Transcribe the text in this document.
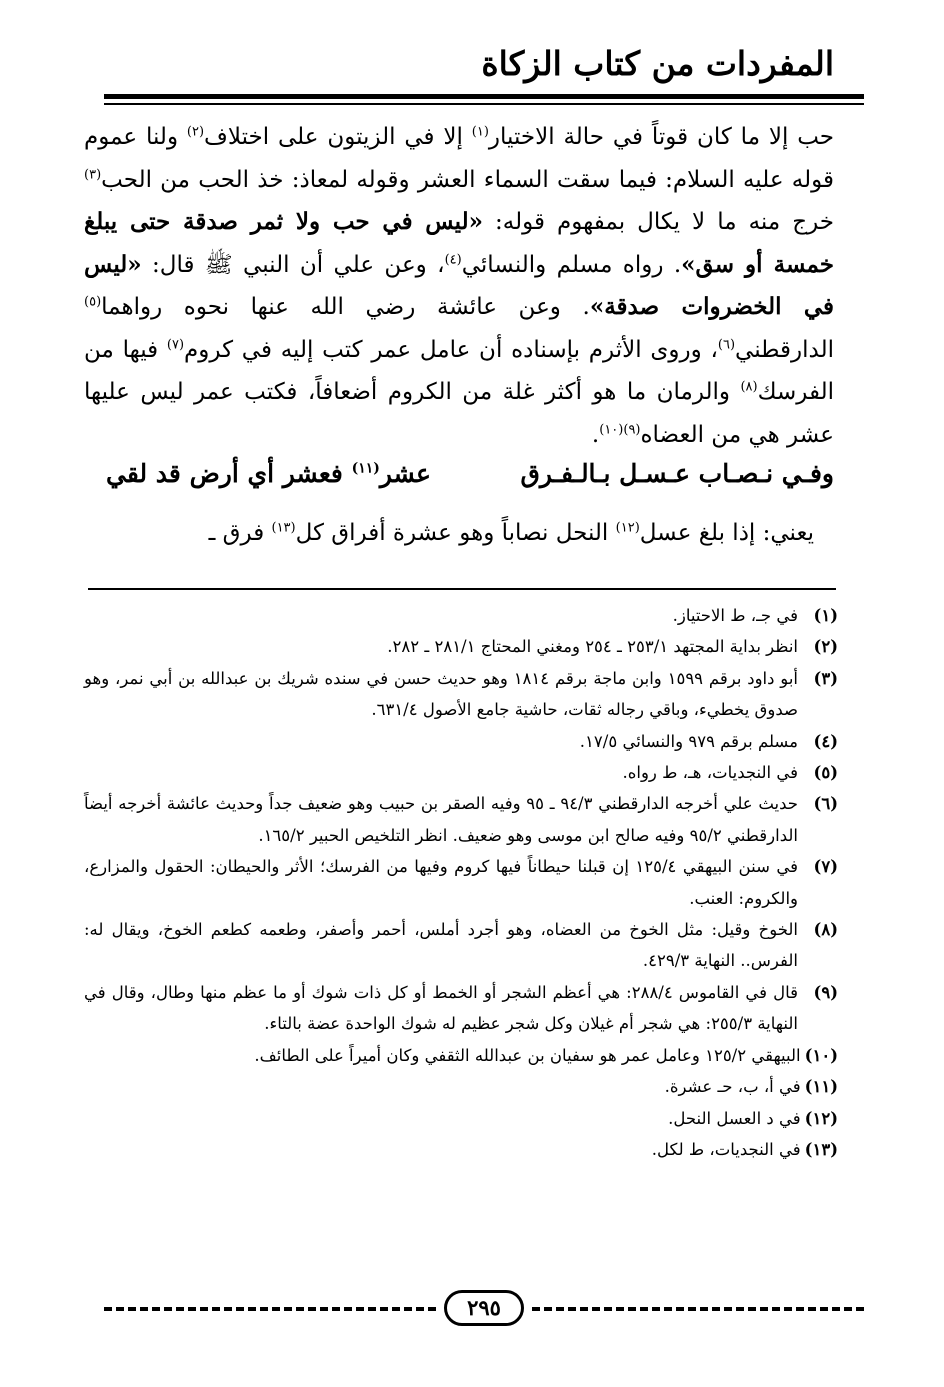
المفردات من كتاب الزكاة

حب إلا ما كان قوتاً في حالة الاختيار$^{(١)}$ إلا في الزيتون على اختلاف$^{(٢)}$ ولنا عموم قوله عليه السلام: فيما سقت السماء العشر وقوله لمعاذ: خذ الحب من الحب$^{(٣)}$ خرج منه ما لا يكال بمفهوم قوله: «ليس في حب ولا ثمر صدقة حتى يبلغ خمسة أو سق». رواه مسلم والنسائي$^{(٤)}$، وعن علي أن النبي ﷺ قال: «ليس في الخضروات صدقة». وعن عائشة رضي الله عنها نحوه رواهما$^{(٥)}$ الدارقطني$^{(٦)}$، وروى الأثرم بإسناده أن عامل عمر كتب إليه في كروم$^{(٧)}$ فيها من الفرسك$^{(٨)}$ والرمان ما هو أكثر غلة من الكروم أضعافاً، فكتب عمر ليس عليها عشر هي من العضاه$^{(٩)(١٠)}$.

وفـي نـصـاب عـسـل بـالـفـرق
عشر$^{(١١)}$ فعشر أي أرض قد لقي
يعني: إذا بلغ عسل$^{(١٢)}$ النحل نصاباً وهو عشرة أفراق كل$^{(١٣)}$ فرق ـ
(١)
في جـ، ط الاحتياز.
(٢)
انظر بداية المجتهد ٢٥٣/١ ـ ٢٥٤ ومغني المحتاج ٢٨١/١ ـ ٢٨٢.
(٣)
أبو داود برقم ١٥٩٩ وابن ماجة برقم ١٨١٤ وهو حديث حسن في سنده شريك بن عبدالله بن أبي نمر، وهو صدوق يخطيء، وباقي رجاله ثقات، حاشية جامع الأصول ٦٣١/٤.
(٤)
مسلم برقم ٩٧٩ والنسائي ١٧/٥.
(٥)
في النجديات، هـ، ط رواه.
(٦)
حديث علي أخرجه الدارقطني ٩٤/٣ ـ ٩٥ وفيه الصقر بن حبيب وهو ضعيف جداً وحديث عائشة أخرجه أيضاً الدارقطني ٩٥/٢ وفيه صالح ابن موسى وهو ضعيف. انظر التلخيص الحبير ١٦٥/٢.
(٧)
في سنن البيهقي ١٢٥/٤ إن قبلنا حيطاناً فيها كروم وفيها من الفرسك؛ الأثر والحيطان: الحقول والمزارع، والكروم: العنب.
(٨)
الخوخ وقيل: مثل الخوخ من العضاه، وهو أجرد أملس، أحمر وأصفر، وطعمه كطعم الخوخ، ويقال له: الفرس.. النهاية ٤٢٩/٣.
(٩)
قال في القاموس ٢٨٨/٤: هي أعظم الشجر أو الخمط أو كل ذات شوك أو ما عظم منها وطال، وقال في النهاية ٢٥٥/٣: هي شجر أم غيلان وكل شجر عظيم له شوك الواحدة عضة بالتاء.
(١٠)البيهقي ١٢٥/٢ وعامل عمر هو سفيان بن عبدالله الثقفي وكان أميراً على الطائف.
(١١)في أ، ب، حـ عشرة.
(١٢)في د العسل النحل.
(١٣)في النجديات، ط لكل.
٢٩٥
